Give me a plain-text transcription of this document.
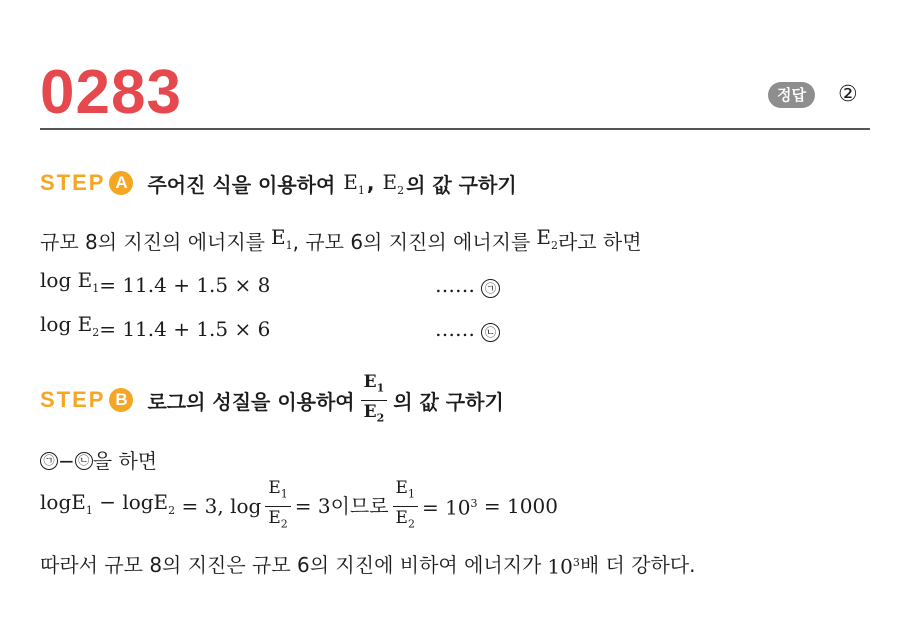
0283	정답	②
STEP A 주어진 식을 이용하여 $E_1$ , $E_2$ 의 값 구하기
규모 8의 지진의 에너지를 $E_1$ , 규모 6의 지진의 에너지를 $E_2$ 라고 하면
$\log E_1 = 11.4 + 1.5 \times 8$	…… ㉠
$\log E_2 = 11.4 + 1.5 \times 6$	…… ㉡
STEP B 로그의 성질을 이용하여 $\frac{E_1}{E_2}$ 의 값 구하기
㉠ − ㉡ 을 하면
logE$_1$ − logE$_2$ = 3, $\log \frac{E_1}{E_2} = 3$ 이므로 $\frac{E_1}{E_2} = 10^3 = 1000$
따라서 규모 8의 지진은 규모 6의 지진에 비하여 에너지가 $10^3$ 배 더 강하다.
